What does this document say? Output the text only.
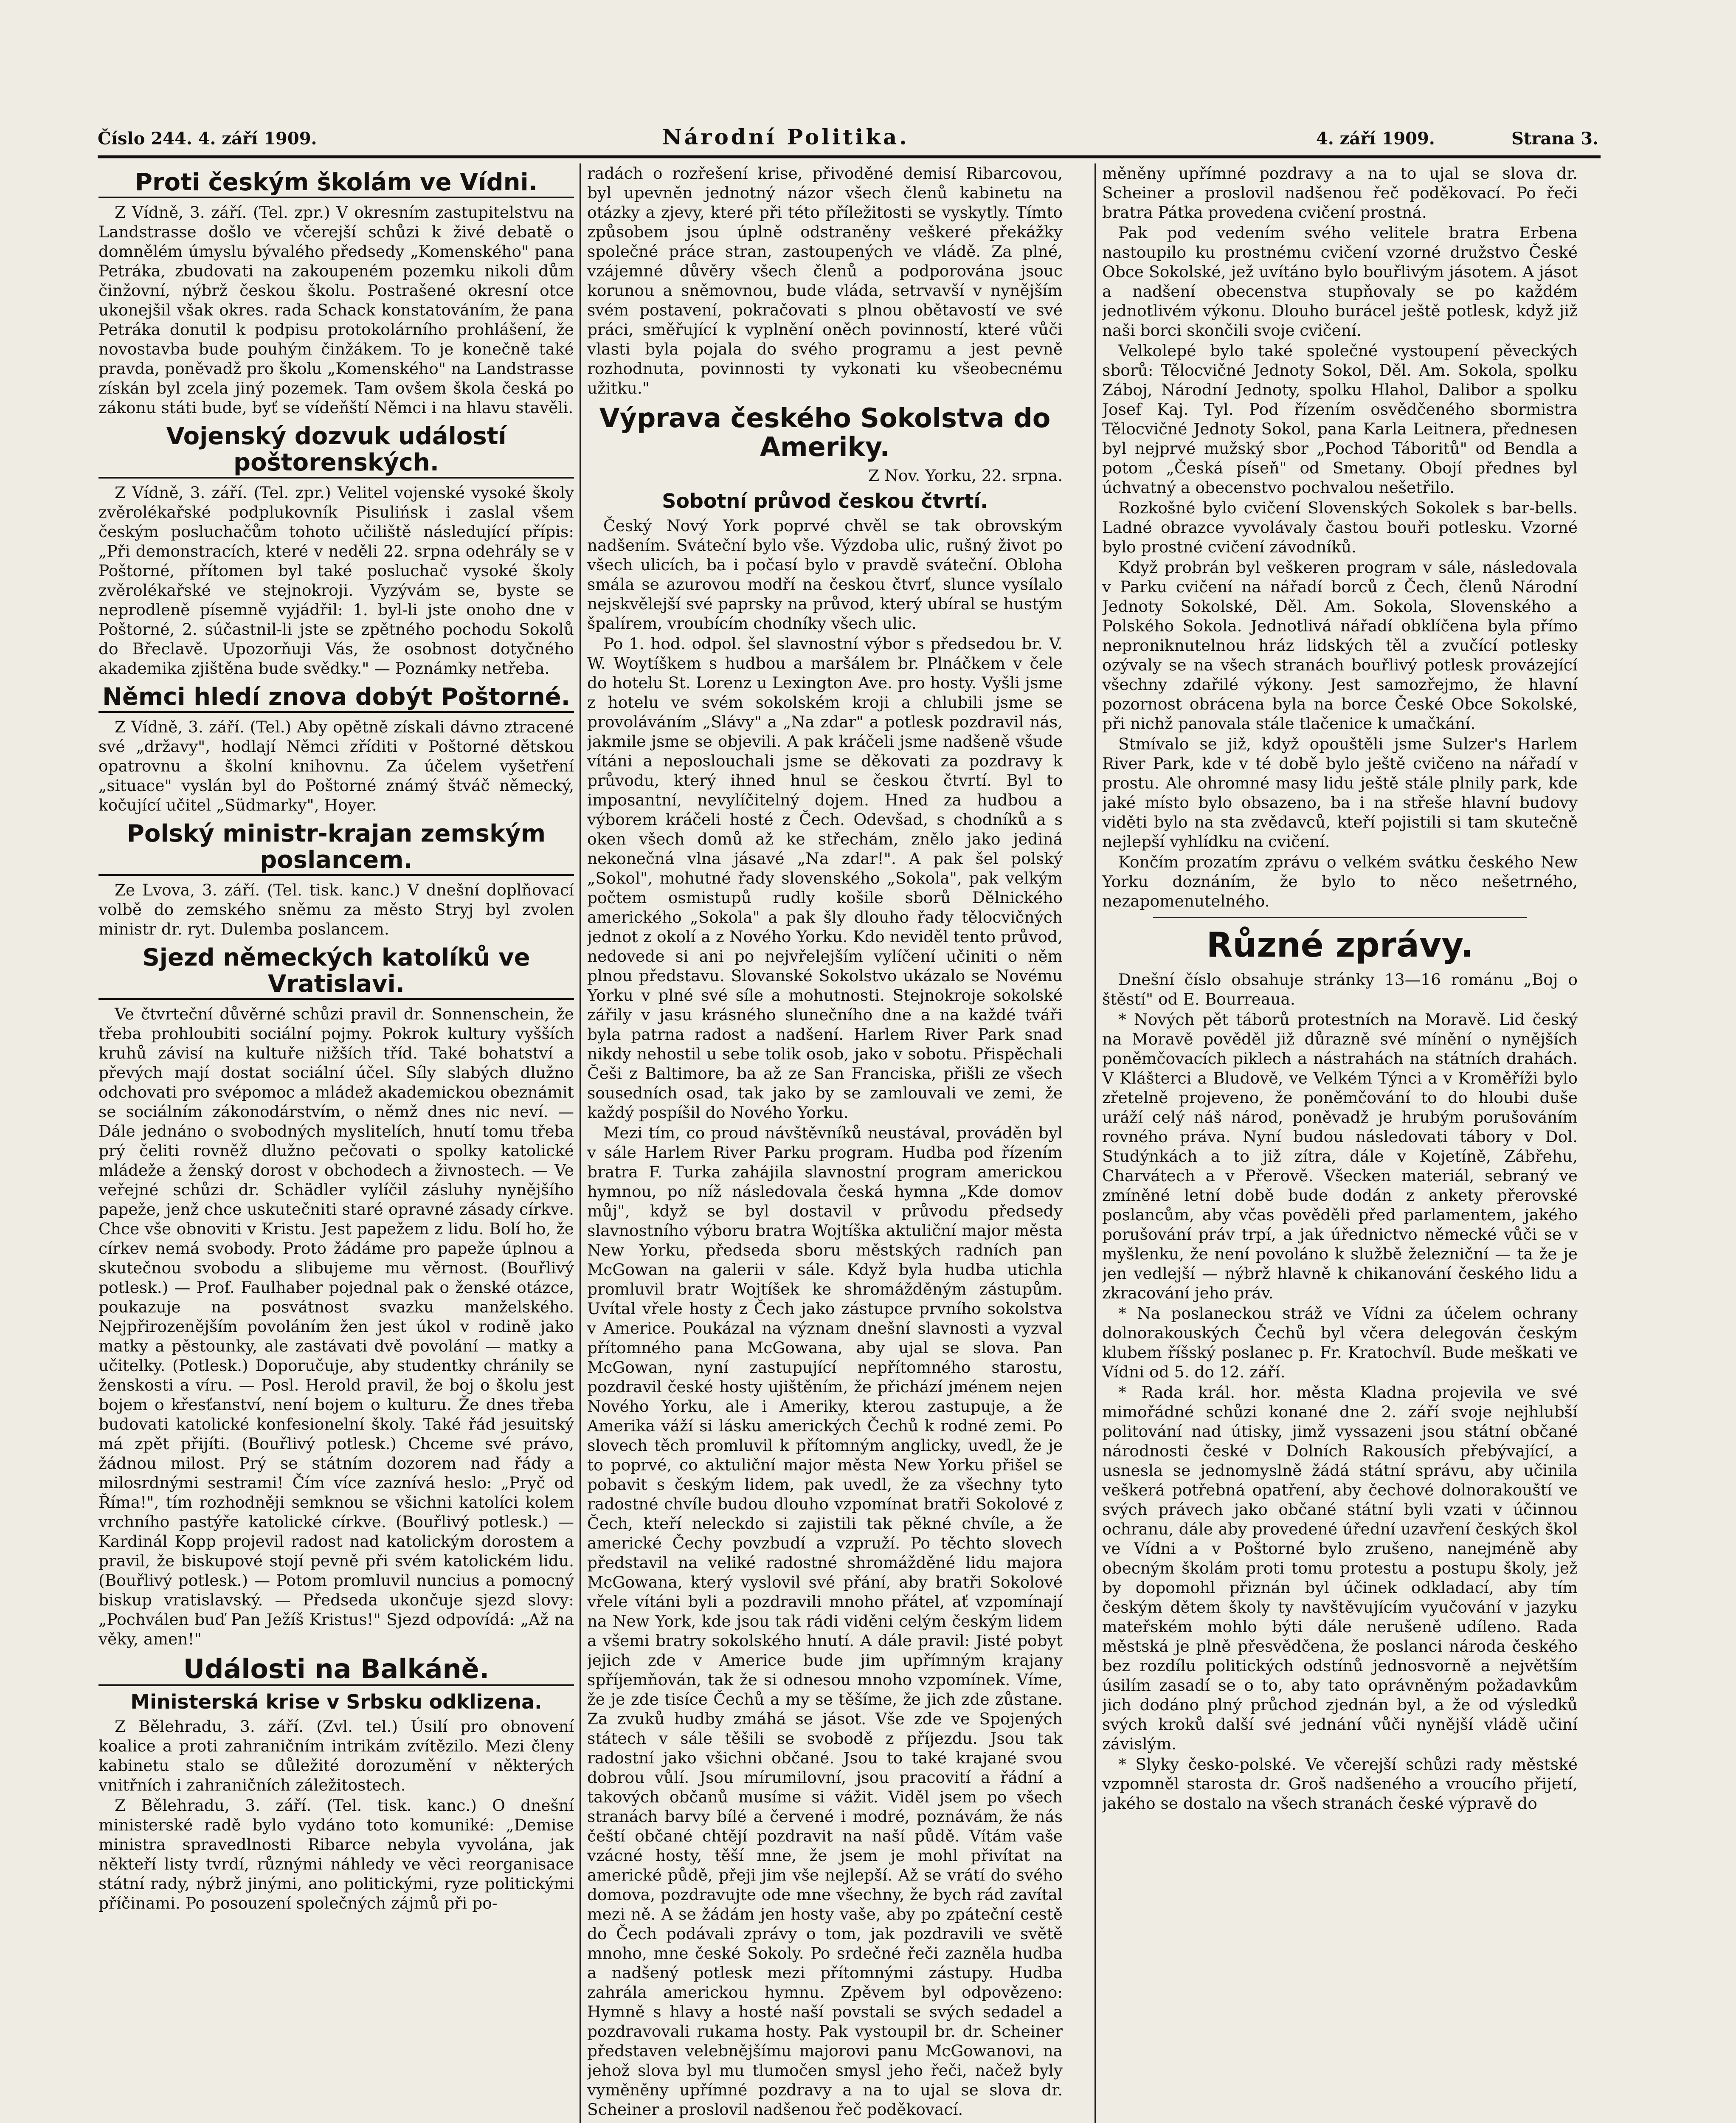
Číslo 244. 4. září 1909.	Národní Politika.	4. září 1909.	Strana 3.
Proti českým školám ve Vídni.

Z Vídně, 3. září. (Tel. zpr.) V okresním zastupitelstvu na Landstrasse došlo ve včerejší schůzi k živé debatě o domnělém úmyslu bývalého předsedy „Komenského" pana Petráka, zbudovati na zakoupeném pozemku nikoli dům činžovní, nýbrž českou školu. Postrašené okresní otce ukonejšil však okres. rada Schack konstatováním, že pana Petráka donutil k podpisu protokolárního prohlášení, že novostavba bude pouhým činžákem. To je konečně také pravda, poněvadž pro školu „Komenského" na Landstrasse získán byl zcela jiný pozemek. Tam ovšem škola česká po zákonu státi bude, byť se vídeňští Němci i na hlavu stavěli.

Vojenský dozvuk událostí poštorenských.

Z Vídně, 3. září. (Tel. zpr.) Velitel vojenské vysoké školy zvěrolékařské podplukovník Pisulińsk i zaslal všem českým posluchačům tohoto učiliště následující přípis: „Při demonstracích, které v neděli 22. srpna odehrály se v Poštorné, přítomen byl také posluchač vysoké školy zvěrolékařské ve stejnokroji. Vyzývám se, byste se neprodleně písemně vyjádřil: 1. byl-li jste onoho dne v Poštorné, 2. súčastnil-li jste se zpětného pochodu Sokolů do Břeclavě. Upozorňuji Vás, že osobnost dotyčného akademika zjištěna bude svědky." — Poznámky netřeba.

Němci hledí znova dobýt Poštorné.

Z Vídně, 3. září. (Tel.) Aby opětně získali dávno ztracené své „državy", hodlají Němci zříditi v Poštorné dětskou opatrovnu a školní knihovnu. Za účelem vyšetření „situace" vyslán byl do Poštorné známý štváč německý, kočující učitel „Südmarky", Hoyer.

Polský ministr-krajan zemským poslancem.

Ze Lvova, 3. září. (Tel. tisk. kanc.) V dnešní doplňovací volbě do zemského sněmu za město Stryj byl zvolen ministr dr. ryt. Dulemba poslancem.

Sjezd německých katolíků ve Vratislavi.

Ve čtvrteční důvěrné schůzi pravil dr. Sonnenschein, že třeba prohloubiti sociální pojmy. Pokrok kultury vyšších kruhů závisí na kultuře nižších tříd. Také bohatství a převých mají dostat sociální účel. Síly slabých dlužno odchovati pro svépomoc a mládež akademickou obeznámit se sociálním zákonodárstvím, o němž dnes nic neví. — Dále jednáno o svobodných myslitelích, hnutí tomu třeba prý čeliti rovněž dlužno pečovati o spolky katolické mládeže a ženský dorost v obchodech a živnostech. — Ve veřejné schůzi dr. Schädler vylíčil zásluhy nynějšího papeže, jenž chce uskutečniti staré opravné zásady církve. Chce vše obnoviti v Kristu. Jest papežem z lidu. Bolí ho, že církev nemá svobody. Proto žádáme pro papeže úplnou a skutečnou svobodu a slibujeme mu věrnost. (Bouřlivý potlesk.) — Prof. Faulhaber pojednal pak o ženské otázce, poukazuje na posvátnost svazku manželského. Nejpřirozenějším povoláním žen jest úkol v rodině jako matky a pěstounky, ale zastávati dvě povolání — matky a učitelky. (Potlesk.) Doporučuje, aby studentky chránily se ženskosti a víru. — Posl. Herold pravil, že boj o školu jest bojem o křesťanství, není bojem o kulturu. Že dnes třeba budovati katolické konfesionelní školy. Také řád jesuitský má zpět přijíti. (Bouřlivý potlesk.) Chceme své právo, žádnou milost. Prý se státním dozorem nad řády a milosrdnými sestrami! Čím více zaznívá heslo: „Pryč od Říma!", tím rozhodněji semknou se všichni katolíci kolem vrchního pastýře katolické církve. (Bouřlivý potlesk.) — Kardinál Kopp projevil radost nad katolickým dorostem a pravil, že biskupové stojí pevně při svém katolickém lidu. (Bouřlivý potlesk.) — Potom promluvil nuncius a pomocný biskup vratislavský. — Předseda ukončuje sjezd slovy: „Pochválen buď Pan Ježíš Kristus!" Sjezd odpovídá: „Až na věky, amen!"

Události na Balkáně.
Ministerská krise v Srbsku odklizena.

Z Bělehradu, 3. září. (Zvl. tel.) Úsilí pro obnovení koalice a proti zahraničním intrikám zvítězilo. Mezi členy kabinetu stalo se důležité dorozumění v některých vnitřních i zahraničních záležitostech.

Z Bělehradu, 3. září. (Tel. tisk. kanc.) O dnešní ministerské radě bylo vydáno toto komuniké: „Demise ministra spravedlnosti Ribarce nebyla vyvolána, jak někteří listy tvrdí, různými náhledy ve věci reorganisace státní rady, nýbrž jinými, ano politickými, ryze politickými příčinami. Po posouzení společných zájmů při po-

radách o rozřešení krise, přivoděné demisí Ribarcovou, byl upevněn jednotný názor všech členů kabinetu na otázky a zjevy, které při této příležitosti se vyskytly. Tímto způsobem jsou úplně odstraněny veškeré překážky společné práce stran, zastoupených ve vládě. Za plné, vzájemné důvěry všech členů a podporována jsouc korunou a sněmovnou, bude vláda, setrvavší v nynějším svém postavení, pokračovati s plnou obětavostí ve své práci, směřující k vyplnění oněch povinností, které vůči vlasti byla pojala do svého programu a jest pevně rozhodnuta, povinnosti ty vykonati ku všeobecnému užitku."

Výprava českého Sokolstva do Ameriky.
Z Nov. Yorku, 22. srpna.
Sobotní průvod českou čtvrtí.

Český Nový York poprvé chvěl se tak obrovským nadšením. Sváteční bylo vše. Výzdoba ulic, rušný život po všech ulicích, ba i počasí bylo v pravdě sváteční. Obloha smála se azurovou modří na českou čtvrť, slunce vysílalo nejskvělejší své paprsky na průvod, který ubíral se hustým špalírem, vroubícím chodníky všech ulic.

Po 1. hod. odpol. šel slavnostní výbor s předsedou br. V. W. Woytíškem s hudbou a maršálem br. Plnáčkem v čele do hotelu St. Lorenz u Lexington Ave. pro hosty. Vyšli jsme z hotelu ve svém sokolském kroji a chlubili jsme se provoláváním „Slávy" a „Na zdar" a potlesk pozdravil nás, jakmile jsme se objevili. A pak kráčeli jsme nadšeně všude vítáni a neposlouchali jsme se děkovati za pozdravy k průvodu, který ihned hnul se českou čtvrtí. Byl to imposantní, nevylíčitelný dojem. Hned za hudbou a výborem kráčeli hosté z Čech. Odevšad, s chodníků a s oken všech domů až ke střechám, znělo jako jediná nekonečná vlna jásavé „Na zdar!". A pak šel polský „Sokol", mohutné řady slovenského „Sokola", pak velkým počtem osmistupů rudly košile sborů Dělnického amerického „Sokola" a pak šly dlouho řady tělocvičných jednot z okolí a z Nového Yorku. Kdo neviděl tento průvod, nedovede si ani po nejvřelejším vylíčení učiniti o něm plnou představu. Slovanské Sokolstvo ukázalo se Novému Yorku v plné své síle a mohutnosti. Stejnokroje sokolské zářily v jasu krásného slunečního dne a na každé tváři byla patrna radost a nadšení. Harlem River Park snad nikdy nehostil u sebe tolik osob, jako v sobotu. Přispěchali Češi z Baltimore, ba až ze San Franciska, přišli ze všech sousedních osad, tak jako by se zamlouvali ve zemi, že každý pospíšil do Nového Yorku.

Mezi tím, co proud návštěvníků neustával, prováděn byl v sále Harlem River Parku program. Hudba pod řízením bratra F. Turka zahájila slavnostní program americkou hymnou, po níž následovala česká hymna „Kde domov můj", když se byl dostavil v průvodu předsedy slavnostního výboru bratra Wojtíška aktuliční major města New Yorku, předseda sboru městských radních pan McGowan na galerii v sále. Když byla hudba utichla promluvil bratr Wojtíšek ke shromážděným zástupům. Uvítal vřele hosty z Čech jako zástupce prvního sokolstva v Americe. Poukázal na význam dnešní slavnosti a vyzval přítomného pana McGowana, aby ujal se slova. Pan McGowan, nyní zastupující nepřítomného starostu, pozdravil české hosty ujištěním, že přichází jménem nejen Nového Yorku, ale i Ameriky, kterou zastupuje, a že Amerika váží si lásku amerických Čechů k rodné zemi. Po slovech těch promluvil k přítomným anglicky, uvedl, že je to poprvé, co aktuliční major města New Yorku přišel se pobavit s českým lidem, pak uvedl, že za všechny tyto radostné chvíle budou dlouho vzpomínat bratři Sokolové z Čech, kteří neleckdo si zajistili tak pěkné chvíle, a že americké Čechy povzbudí a vzpruží. Po těchto slovech představil na veliké radostné shromážděné lidu majora McGowana, který vyslovil své přání, aby bratři Sokolové vřele vítáni byli a pozdravili mnoho přátel, ať vzpomínají na New York, kde jsou tak rádi viděni celým českým lidem a všemi bratry sokolského hnutí. A dále pravil: Jisté pobyt jejich zde v Americe bude jim upřímným krajany spříjemňován, tak že si odnesou mnoho vzpomínek. Víme, že je zde tisíce Čechů a my se těšíme, že jich zde zůstane. Za zvuků hudby zmáhá se jásot. Vše zde ve Spojených státech v sále těšili se svobodě z příjezdu. Jsou tak radostní jako všichni občané. Jsou to také krajané svou dobrou vůlí. Jsou mírumilovní, jsou pracovití a řádní a takových občanů musíme si vážit. Viděl jsem po všech stranách barvy bílé a červené i modré, poznávám, že nás čeští občané chtějí pozdravit na naší půdě. Vítám vaše vzácné hosty, těší mne, že jsem je mohl přivítat na americké půdě, přeji jim vše nejlepší. Až se vrátí do svého domova, pozdravujte ode mne všechny, že bych rád zavítal mezi ně. A se žádám jen hosty vaše, aby po zpáteční cestě do Čech podávali zprávy o tom, jak pozdravili ve světě mnoho, mne české Sokoly. Po srdečné řeči zazněla hudba a nadšený potlesk mezi přítomnými zástupy. Hudba zahrála americkou hymnu. Zpěvem byl odpovězeno: Hymně s hlavy a hosté naší povstali se svých sedadel a pozdravovali rukama hosty. Pak vystoupil br. dr. Scheiner představen velebnějšímu majorovi panu McGowanovi, na jehož slova byl mu tlumočen smysl jeho řeči, načež byly vyměněny upřímné pozdravy a na to ujal se slova dr. Scheiner a proslovil nadšenou řeč poděkovací.

měněny upřímné pozdravy a na to ujal se slova dr. Scheiner a proslovil nadšenou řeč poděkovací. Po řeči bratra Pátka provedena cvičení prostná.

Pak pod vedením svého velitele bratra Erbena nastoupilo ku prostnému cvičení vzorné družstvo České Obce Sokolské, jež uvítáno bylo bouřlivým jásotem. A jásot a nadšení obecenstva stupňovaly se po každém jednotlivém výkonu. Dlouho burácel ještě potlesk, když již naši borci skončili svoje cvičení.

Velkolepé bylo také společné vystoupení pěveckých sborů: Tělocvičné Jednoty Sokol, Děl. Am. Sokola, spolku Záboj, Národní Jednoty, spolku Hlahol, Dalibor a spolku Josef Kaj. Tyl. Pod řízením osvědčeného sbormistra Tělocvičné Jednoty Sokol, pana Karla Leitnera, přednesen byl nejprvé mužský sbor „Pochod Táboritů" od Bendla a potom „Česká píseň" od Smetany. Obojí přednes byl úchvatný a obecenstvo pochvalou nešetřilo.

Rozkošné bylo cvičení Slovenských Sokolek s bar-bells. Ladné obrazce vyvolávaly častou bouři potlesku. Vzorné bylo prostné cvičení závodníků.

Když probrán byl veškeren program v sále, následovala v Parku cvičení na nářadí borců z Čech, členů Národní Jednoty Sokolské, Děl. Am. Sokola, Slovenského a Polského Sokola. Jednotlivá nářadí obklíčena byla přímo neproniknutelnou hráz lidských těl a zvučící potlesky ozývaly se na všech stranách bouřlivý potlesk provázející všechny zdařilé výkony. Jest samozřejmo, že hlavní pozornost obrácena byla na borce České Obce Sokolské, při nichž panovala stále tlačenice k umačkání.

Stmívalo se již, když opouštěli jsme Sulzer's Harlem River Park, kde v té době bylo ještě cvičeno na nářadí v prostu. Ale ohromné masy lidu ještě stále plnily park, kde jaké místo bylo obsazeno, ba i na střeše hlavní budovy viděti bylo na sta zvědavců, kteří pojistili si tam skutečně nejlepší vyhlídku na cvičení.

Končím prozatím zprávu o velkém svátku českého New Yorku doznáním, že bylo to něco nešetrného, nezapomenutelného.

Různé zprávy.

Dnešní číslo obsahuje stránky 13—16 románu „Boj o štěstí" od E. Bourreaua.

* Nových pět táborů protestních na Moravě. Lid český na Moravě pověděl již důrazně své mínění o nynějších poněmčovacích piklech a nástrahách na státních drahách. V Klášterci a Bludově, ve Velkém Týnci a v Kroměříži bylo zřetelně projeveno, že poněmčování to do hloubi duše uráží celý náš národ, poněvadž je hrubým porušováním rovného práva. Nyní budou následovati tábory v Dol. Studýnkách a to již zítra, dále v Kojetíně, Zábřehu, Charvátech a v Přerově. Všecken materiál, sebraný ve zmíněné letní době bude dodán z ankety přerovské poslancům, aby včas pověděli před parlamentem, jakého porušování práv trpí, a jak úřednictvo německé vůči se v myšlenku, že není povoláno k službě železniční — ta že je jen vedlejší — nýbrž hlavně k chikanování českého lidu a zkracování jeho práv.

* Na poslaneckou stráž ve Vídni za účelem ochrany dolnorakouských Čechů byl včera delegován českým klubem říšský poslanec p. Fr. Kratochvíl. Bude meškati ve Vídni od 5. do 12. září.

* Rada král. hor. města Kladna projevila ve své mimořádné schůzi konané dne 2. září svoje nejhlubší politování nad útisky, jimž vyssazeni jsou státní občané národnosti české v Dolních Rakousích přebývající, a usnesla se jednomyslně žádá státní správu, aby učinila veškerá potřebná opatření, aby čechové dolnorakouští ve svých právech jako občané státní byli vzati v účinnou ochranu, dále aby provedené úřední uzavření českých škol ve Vídni a v Poštorné bylo zrušeno, nanejméně aby obecným školám proti tomu protestu a postupu školy, jež by dopomohl přiznán byl účinek odkladací, aby tím českým dětem školy ty navštěvujícím vyučování v jazyku mateřském mohlo býti dále nerušeně udíleno. Rada městská je plně přesvědčena, že poslanci národa českého bez rozdílu politických odstínů jednosvorně a největším úsilím zasadí se o to, aby tato oprávněným požadavkům jich dodáno plný průchod zjednán byl, a že od výsledků svých kroků další své jednání vůči nynější vládě učiní závislým.

* Slyky česko-polské. Ve včerejší schůzi rady městské vzpomněl starosta dr. Groš nadšeného a vroucího přijetí, jakého se dostalo na všech stranách české výpravě do
